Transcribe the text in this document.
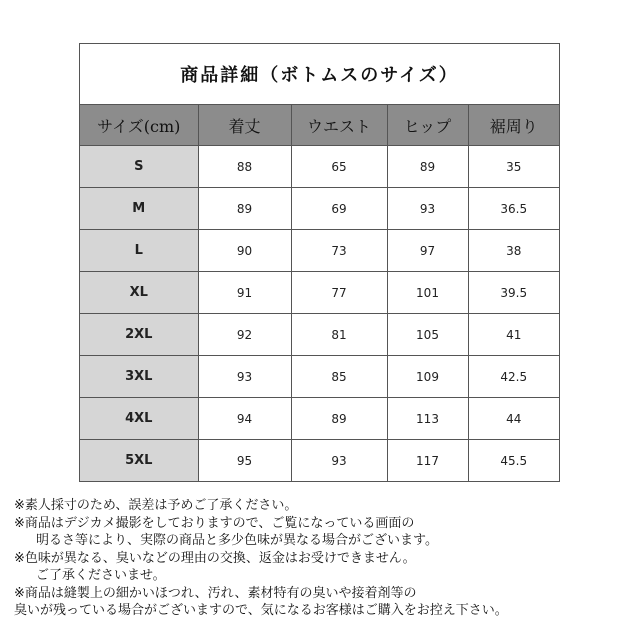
商品詳細（ボトムスのサイズ）
サイズ(cm)	着丈	ウエスト	ヒップ	裾周り
S	88	65	89	35
M	89	69	93	36.5
L	90	73	97	38
XL	91	77	101	39.5
2XL	92	81	105	41
3XL	93	85	109	42.5
4XL	94	89	113	44
5XL	95	93	117	45.5
※素人採寸のため、誤差は予めご了承ください。
※商品はデジカメ撮影をしておりますので、ご覧になっている画面の
明るさ等により、実際の商品と多少色味が異なる場合がございます。
※色味が異なる、臭いなどの理由の交換、返金はお受けできません。
ご了承くださいませ。
※商品は縫製上の細かいほつれ、汚れ、素材特有の臭いや接着剤等の
臭いが残っている場合がございますので、気になるお客様はご購入をお控え下さい。
